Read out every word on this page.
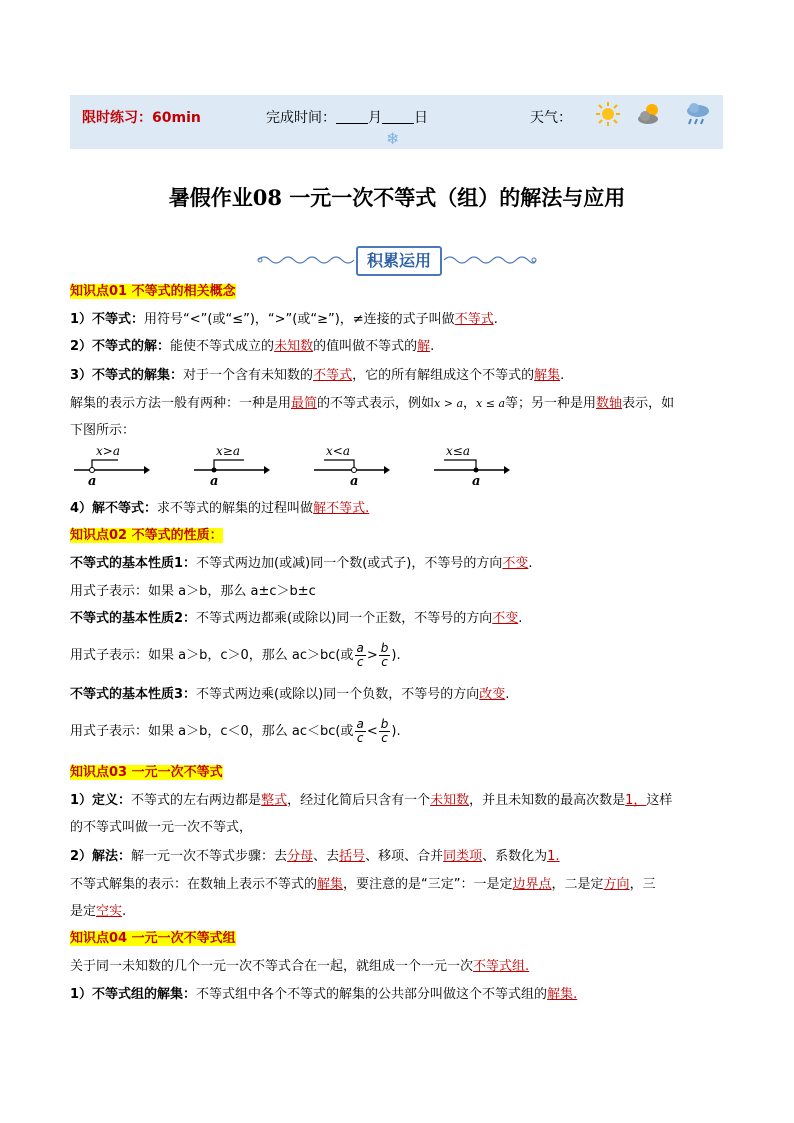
限时练习：60min	完成时间： 月 日	天气：
❄
暑假作业08 一元一次不等式（组）的解法与应用
积累运用
知识点01 不等式的相关概念
1）不等式：用符号“<”(或“≤”)，“>”(或“≥”)，≠连接的式子叫做不等式.
2）不等式的解：能使不等式成立的未知数的值叫做不等式的解.
3）不等式的解集：对于一个含有未知数的不等式，它的所有解组成这个不等式的解集.
解集的表示方法一般有两种：一种是用最简的不等式表示，例如x > a，x ≤ a等；另一种是用数轴表示，如
下图所示：
x>a
a
x≥a
a
x<a
a
x≤a
a
4）解不等式：求不等式的解集的过程叫做解不等式.
知识点02 不等式的性质：
不等式的基本性质1：不等式两边加(或减)同一个数(或式子)，不等号的方向不变.
用式子表示：如果 a＞b，那么 a±c＞b±c
不等式的基本性质2：不等式两边都乘(或除以)同一个正数，不等号的方向不变.
用式子表示：如果 a＞b，c＞0，那么 ac＞bc(或 $\frac{a}{c} > \frac{b}{c}$ ).
不等式的基本性质3：不等式两边乘(或除以)同一个负数，不等号的方向改变.
用式子表示：如果 a＞b，c＜0，那么 ac＜bc(或 $\frac{a}{c} < \frac{b}{c}$ ).
知识点03 一元一次不等式
1）定义：不等式的左右两边都是整式，经过化简后只含有一个未知数，并且未知数的最高次数是1，这样
的不等式叫做一元一次不等式，
2）解法：解一元一次不等式步骤：去分母、去括号、移项、合并同类项、系数化为1.
不等式解集的表示：在数轴上表示不等式的解集，要注意的是“三定”：一是定边界点，二是定方向，三
是定空实.
知识点04 一元一次不等式组
关于同一未知数的几个一元一次不等式合在一起，就组成一个一元一次不等式组.
1）不等式组的解集：不等式组中各个不等式的解集的公共部分叫做这个不等式组的解集.
